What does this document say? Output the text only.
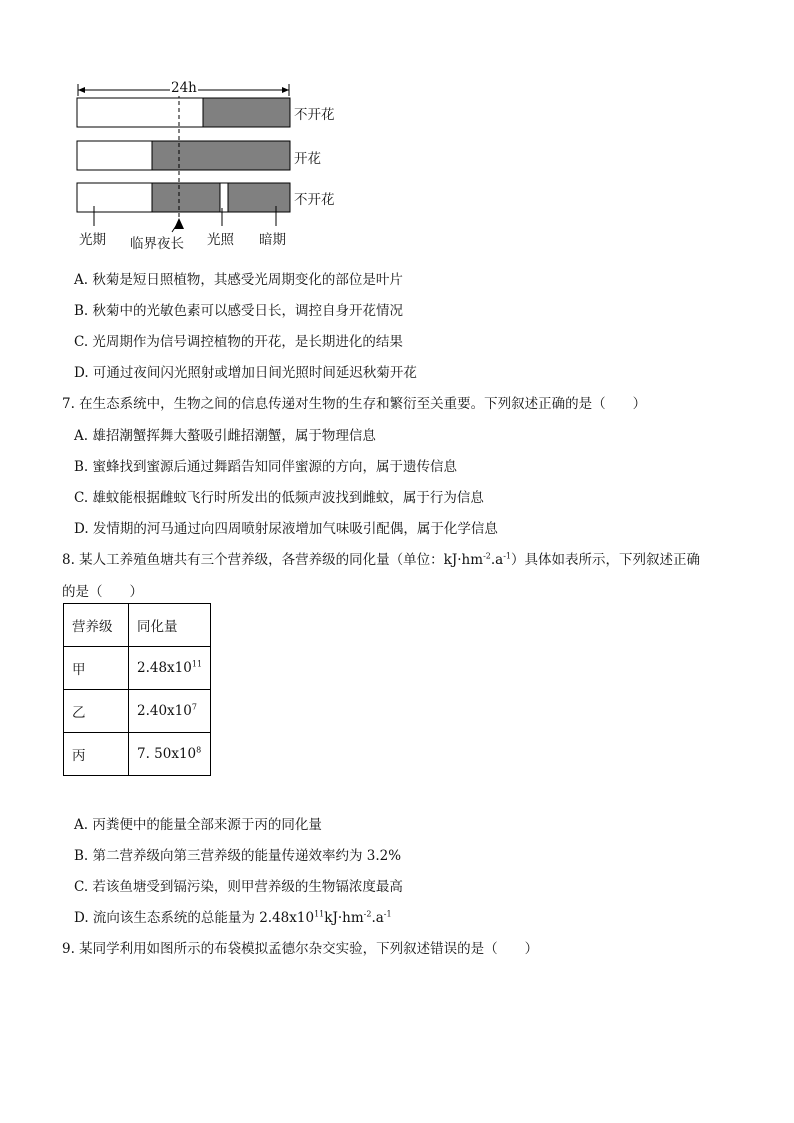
24h
不开花
开花
不开花
光期 临界夜长 光照 暗期
A. 秋菊是短日照植物，其感受光周期变化的部位是叶片
B. 秋菊中的光敏色素可以感受日长，调控自身开花情况
C. 光周期作为信号调控植物的开花，是长期进化的结果
D. 可通过夜间闪光照射或增加日间光照时间延迟秋菊开花
7. 在生态系统中，生物之间的信息传递对生物的生存和繁衍至关重要。下列叙述正确的是（　　）
A. 雄招潮蟹挥舞大螯吸引雌招潮蟹，属于物理信息
B. 蜜蜂找到蜜源后通过舞蹈告知同伴蜜源的方向，属于遗传信息
C. 雄蚊能根据雌蚊飞行时所发出的低频声波找到雌蚊，属于行为信息
D. 发情期的河马通过向四周喷射尿液增加气味吸引配偶，属于化学信息
8. 某人工养殖鱼塘共有三个营养级，各营养级的同化量（单位：$kJ\cdot hm^{-2}.a^{-1}$）具体如表所示，下列叙述正确
的是（　　）
营养级	同化量
甲	$2.48x10^{11}$
乙	$2.40x10^7$
丙	7. $50x10^8$
A. 丙粪便中的能量全部来源于丙的同化量
B. 第二营养级向第三营养级的能量传递效率约为 3.2%
C. 若该鱼塘受到镉污染，则甲营养级的生物镉浓度最高
D. 流向该生态系统的总能量为 $2.48x10^{11}kJ\cdot hm^{-2}.a^{-1}$
9. 某同学利用如图所示的布袋模拟孟德尔杂交实验，下列叙述错误的是（　　）
